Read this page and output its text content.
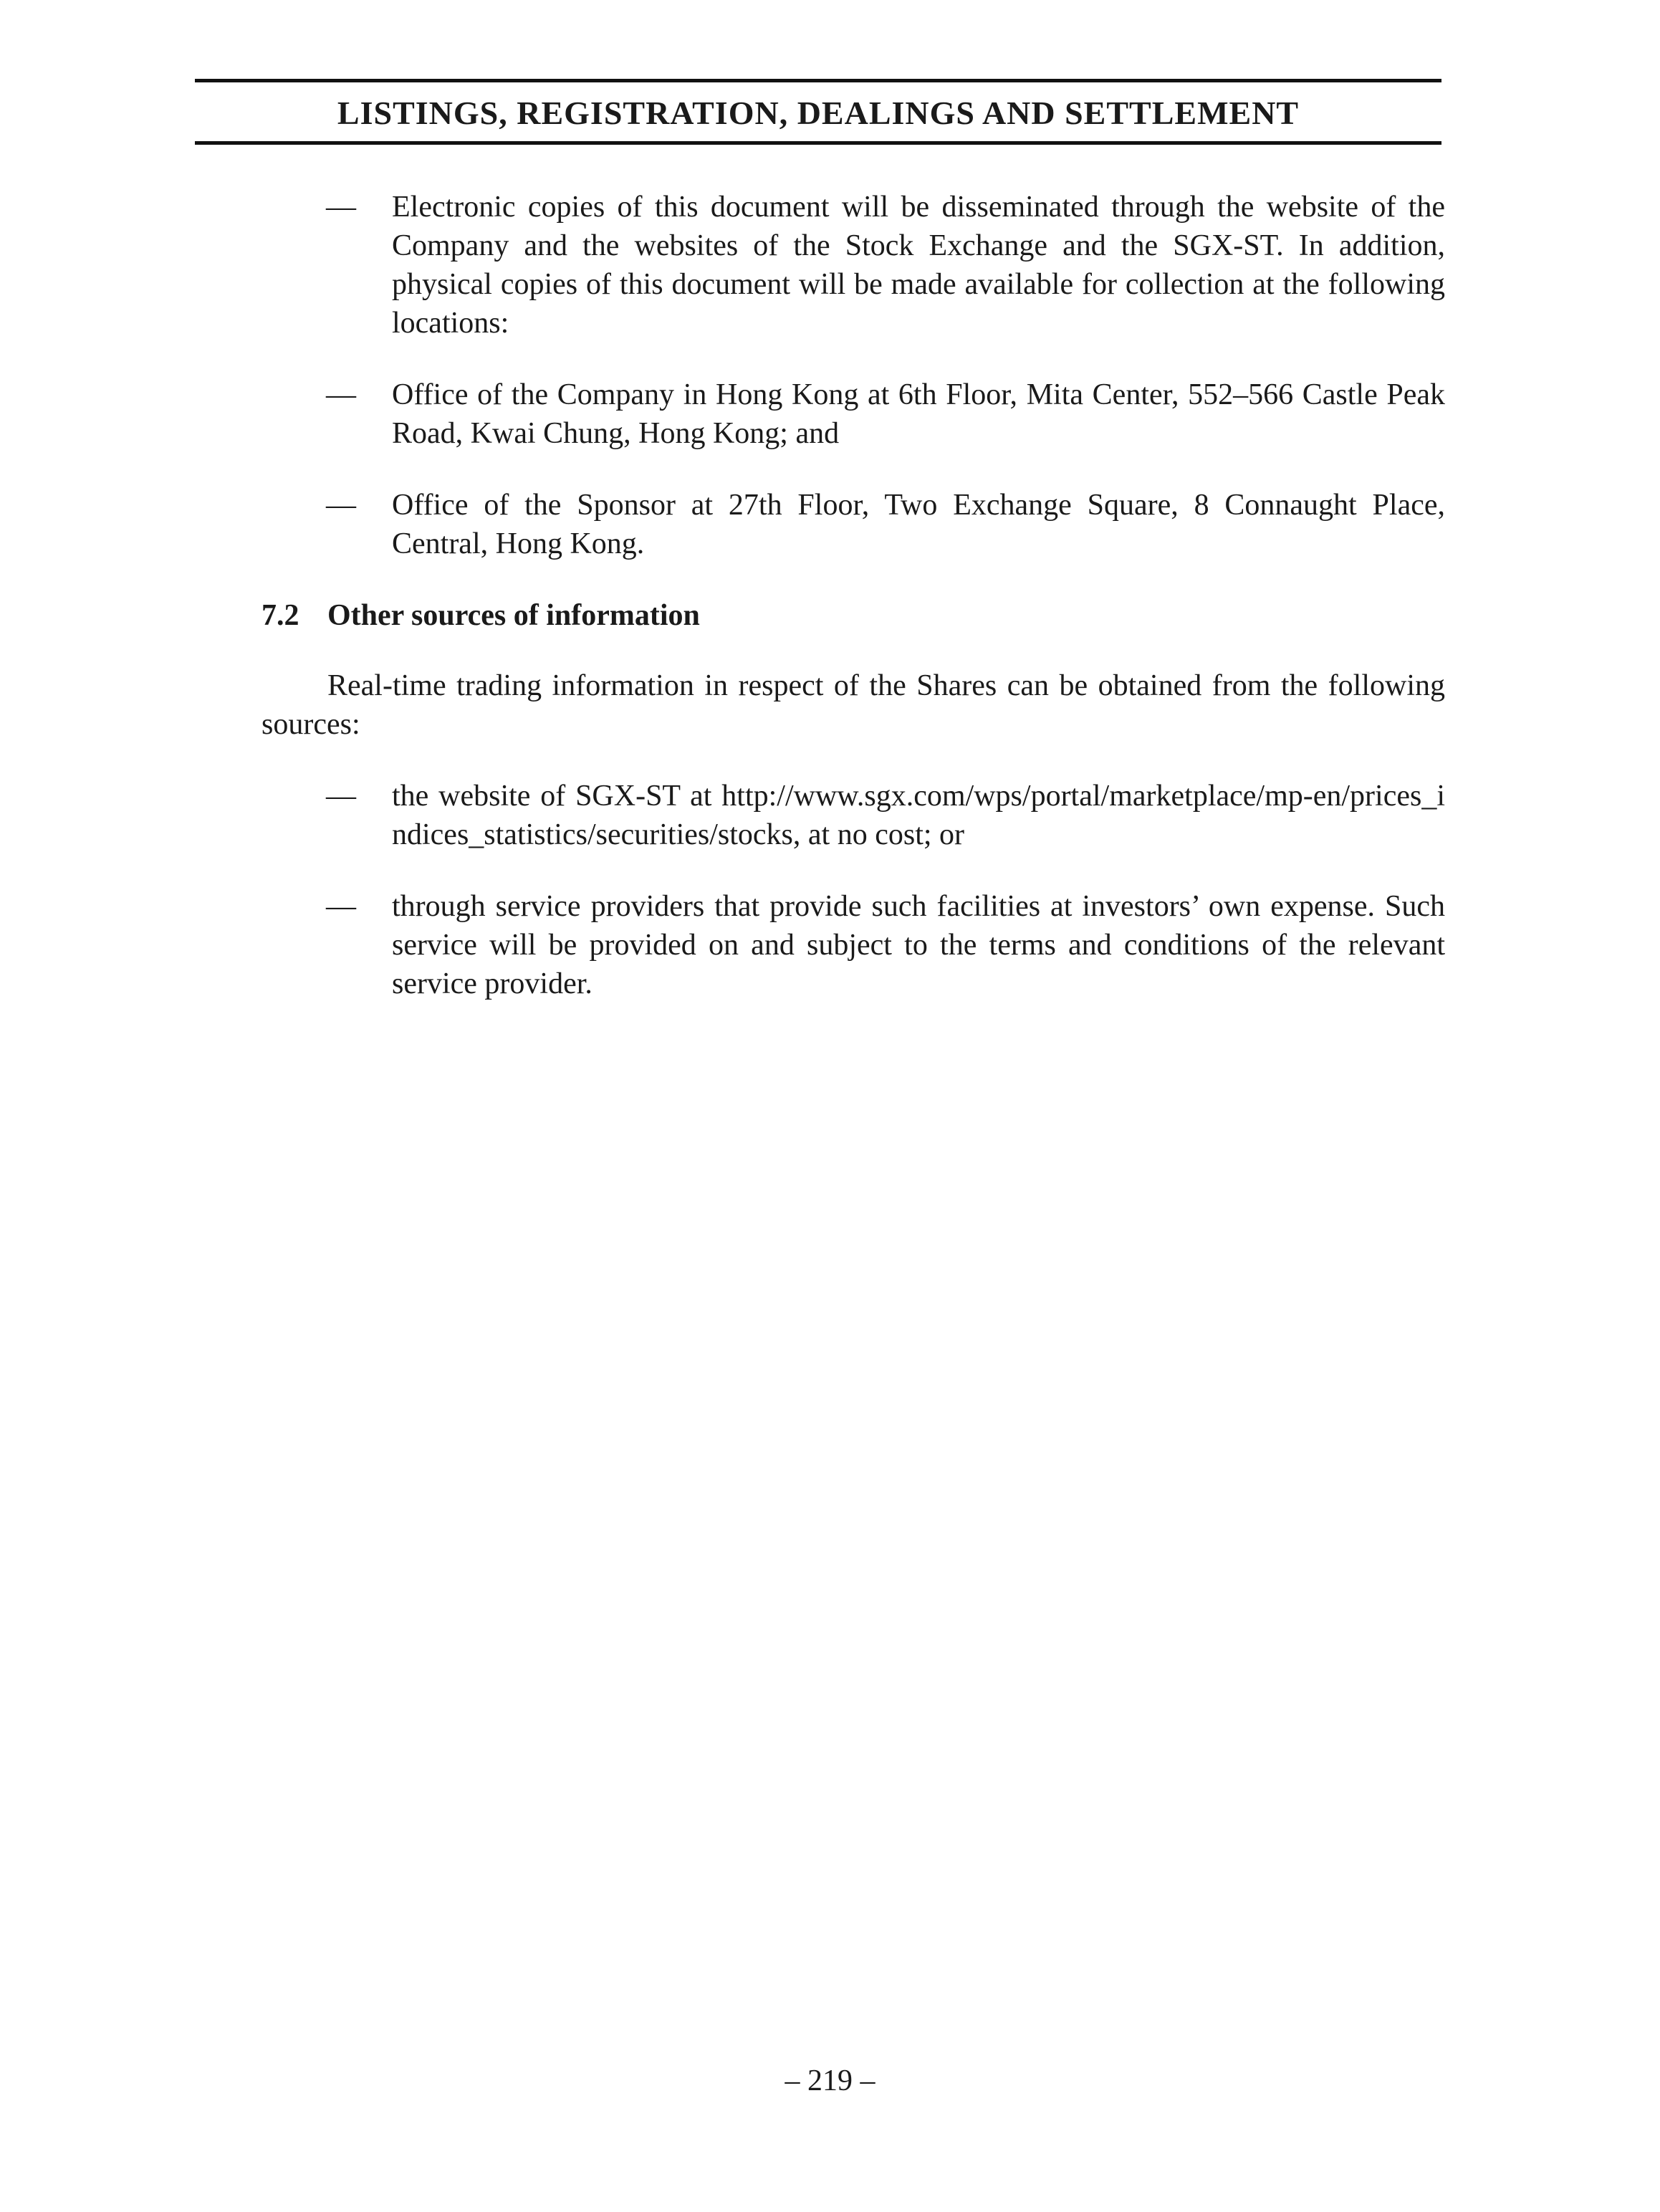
LISTINGS, REGISTRATION, DEALINGS AND SETTLEMENT
—	Electronic copies of this document will be disseminated through the website of the Company and the websites of the Stock Exchange and the SGX-ST. In addition, physical copies of this document will be made available for collection at the following locations:
—	Office of the Company in Hong Kong at 6th Floor, Mita Center, 552–566 Castle Peak Road, Kwai Chung, Hong Kong; and
—	Office of the Sponsor at 27th Floor, Two Exchange Square, 8 Connaught Place, Central, Hong Kong.
7.2 Other sources of information

Real-time trading information in respect of the Shares can be obtained from the following sources:

—	the website of SGX-ST at http://www.sgx.com/wps/portal/marketplace/mp-en/prices_indices_statistics/securities/stocks, at no cost; or
—	through service providers that provide such facilities at investors’ own expense. Such service will be provided on and subject to the terms and conditions of the relevant service provider.
– 219 –
